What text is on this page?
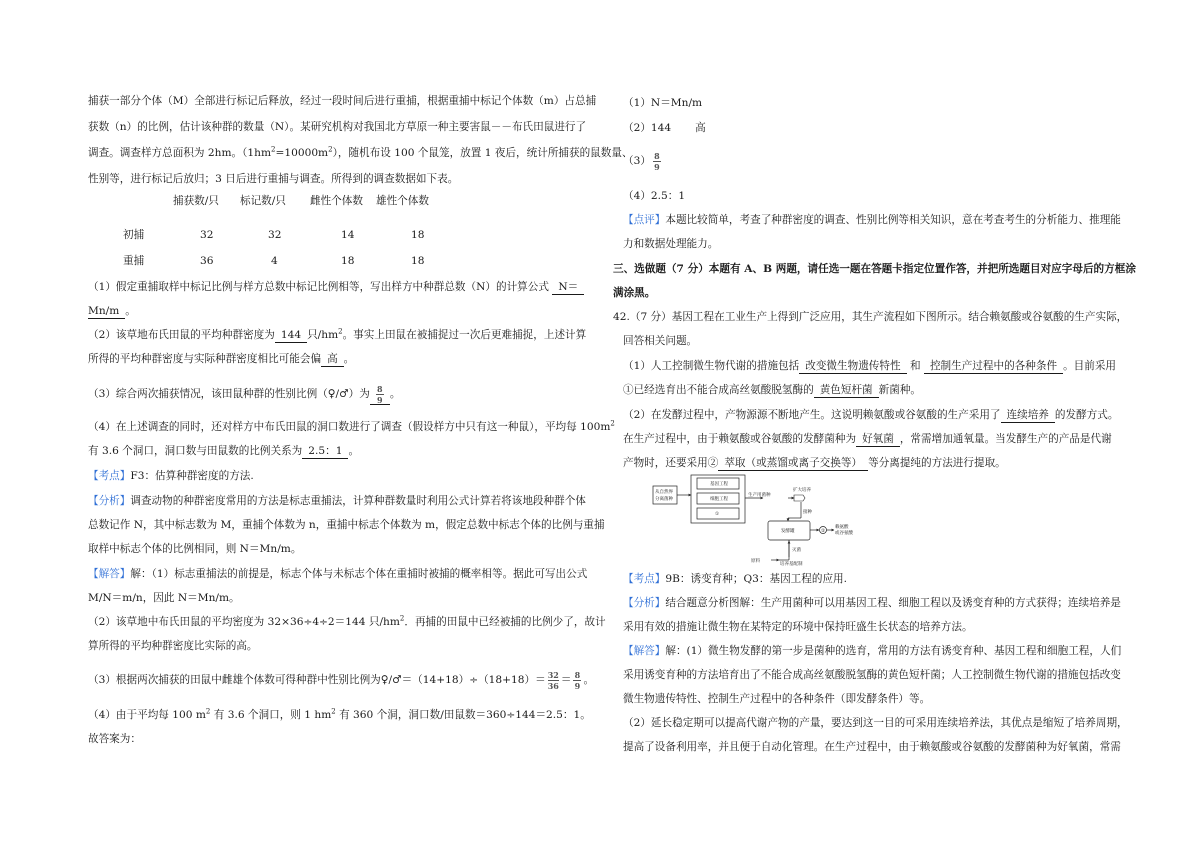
捕获一部分个体（M）全部进行标记后释放，经过一段时间后进行重捕，根据重捕中标记个体数（m）占总捕
获数（n）的比例，估计该种群的数量（N）。某研究机构对我国北方草原一种主要害鼠－－布氏田鼠进行了
调查。调查样方总面积为 2hm。$(1hm^2=10000m^2)$，随机布设 100 个鼠笼，放置 1 夜后，统计所捕获的鼠数量、
性别等，进行标记后放归；3 日后进行重捕与调查。所得到的调查数据如下表。
捕获数/只 标记数/只 雌性个体数 雄性个体数
初捕	32	32	14	18
重捕	36	4	18	18
（1）假定重捕取样中标记比例与样方总数中标记比例相等，写出样方中种群总数（N）的计算公式 N＝
Mn/m 。
（2）该草地布氏田鼠的平均种群密度为 144 只$/hm^2$。事实上田鼠在被捕捉过一次后更难捕捉，上述计算
所得的平均种群密度与实际种群密度相比可能会偏 高 。
（3）综合两次捕获情况，该田鼠种群的性别比例（♀/♂）为 $\frac{8}{9}$ 。
（4）在上述调查的同时，还对样方中布氏田鼠的洞口数进行了调查（假设样方中只有这一种鼠），平均每 $100m^2$
有 3.6 个洞口，洞口数与田鼠数的比例关系为 2.5：1 。
【考点】F3：估算种群密度的方法.
【分析】调查动物的种群密度常用的方法是标志重捕法，计算种群数量时利用公式计算若将该地段种群个体
总数记作 N，其中标志数为 M，重捕个体数为 n，重捕中标志个体数为 m，假定总数中标志个体的比例与重捕
取样中标志个体的比例相同，则 N＝Mn/m。
【解答】解：（1）标志重捕法的前提是，标志个体与未标志个体在重捕时被捕的概率相等。据此可写出公式
M/N＝m/n，因此 N＝Mn/m。
（2）该草地中布氏田鼠的平均密度为 32×36÷4÷2＝144 只$/hm^2$．再捕的田鼠中已经被捕的比例少了，故计
算所得的平均种群密度比实际的高。
（3）根据两次捕获的田鼠中雌雄个体数可得种群中性别比例为♀/♂＝（14+18）÷（18+18）＝ $\frac{32}{36} = \frac{8}{9}$ 。
（4）由于平均每 100 $m^2$ 有 3.6 个洞口，则 1 $hm^2$ 有 360 个洞，洞口数/田鼠数＝360÷144＝2.5：1。
故答案为：
（1）N＝Mn/m
（2）144 高
$(3) \frac{8}{9}$
（4）2.5：1
【点评】本题比较简单，考查了种群密度的调查、性别比例等相关知识，意在考查考生的分析能力、推理能
力和数据处理能力。
三、选做题（7 分）本题有 A、B 两题，请任选一题在答题卡指定位置作答，并把所选题目对应字母后的方框涂
满涂黑。
42.（7 分）基因工程在工业生产上得到广泛应用，其生产流程如下图所示。结合赖氨酸或谷氨酸的生产实际，
回答相关问题。
（1）人工控制微生物代谢的措施包括 改变微生物遗传特性 和 控制生产过程中的各种条件 。目前采用
①已经选育出不能合成高丝氨酸脱氢酶的 黄色短杆菌 新菌种。
（2）在发酵过程中，产物源源不断地产生。这说明赖氨酸或谷氨酸的生产采用了 连续培养 的发酵方式。
在生产过程中，由于赖氨酸或谷氨酸的发酵菌种为 好氧菌 ，常需增加通氧量。当发酵生产的产品是代谢
产物时，还要采用② 萃取（或蒸馏或离子交换等） 等分离提纯的方法进行提取。
从自然界
分离菌种
基因工程
细胞工程
①
生产用菌种
扩大培养
接种
发酵罐	②
赖氨酸
或谷氨酸
灭菌
原料
培养基配制
【考点】9B：诱变育种；Q3：基因工程的应用.
【分析】结合题意分析图解：生产用菌种可以用基因工程、细胞工程以及诱变育种的方式获得；连续培养是
采用有效的措施让微生物在某特定的环境中保持旺盛生长状态的培养方法。
【解答】解：(1）微生物发酵的第一步是菌种的选育，常用的方法有诱变育种、基因工程和细胞工程，人们
采用诱变育种的方法培育出了不能合成高丝氨酸脱氢酶的黄色短杆菌；人工控制微生物代谢的措施包括改变
微生物遗传特性、控制生产过程中的各种条件（即发酵条件）等。
（2）延长稳定期可以提高代谢产物的产量，要达到这一目的可采用连续培养法，其优点是缩短了培养周期，
提高了设备利用率，并且便于自动化管理。在生产过程中，由于赖氨酸或谷氨酸的发酵菌种为好氧菌，常需
